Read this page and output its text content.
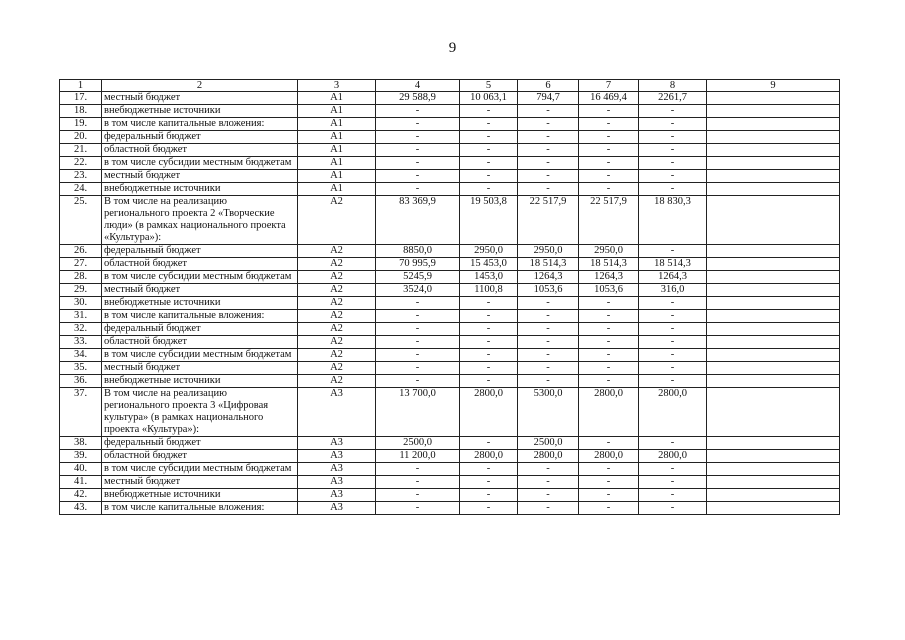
9
1	2	3	4	5	6	7	8	9
17.	местный бюджет	А1	29 588,9	10 063,1	794,7	16 469,4	2261,7	
18.	внебюджетные источники	А1	-	-	-	-	-	
19.	в том числе капитальные вложения:	А1	-	-	-	-	-	
20.	федеральный бюджет	А1	-	-	-	-	-	
21.	областной бюджет	А1	-	-	-	-	-	
22.	в том числе субсидии местным бюджетам	А1	-	-	-	-	-	
23.	местный бюджет	А1	-	-	-	-	-	
24.	внебюджетные источники	А1	-	-	-	-	-	
25.	В том числе на реализацию регионального проекта 2 «Творческие люди» (в рамках национального проекта «Культура»):	А2	83 369,9	19 503,8	22 517,9	22 517,9	18 830,3	
26.	федеральный бюджет	А2	8850,0	2950,0	2950,0	2950,0	-	
27.	областной бюджет	А2	70 995,9	15 453,0	18 514,3	18 514,3	18 514,3	
28.	в том числе субсидии местным бюджетам	А2	5245,9	1453,0	1264,3	1264,3	1264,3	
29.	местный бюджет	А2	3524,0	1100,8	1053,6	1053,6	316,0	
30.	внебюджетные источники	А2	-	-	-	-	-	
31.	в том числе капитальные вложения:	А2	-	-	-	-	-	
32.	федеральный бюджет	А2	-	-	-	-	-	
33.	областной бюджет	А2	-	-	-	-	-	
34.	в том числе субсидии местным бюджетам	А2	-	-	-	-	-	
35.	местный бюджет	А2	-	-	-	-	-	
36.	внебюджетные источники	А2	-	-	-	-	-	
37.	В том числе на реализацию регионального проекта 3 «Цифровая культура» (в рамках национального проекта «Культура»):	А3	13 700,0	2800,0	5300,0	2800,0	2800,0	
38.	федеральный бюджет	А3	2500,0	-	2500,0	-	-	
39.	областной бюджет	А3	11 200,0	2800,0	2800,0	2800,0	2800,0	
40.	в том числе субсидии местным бюджетам	А3	-	-	-	-	-	
41.	местный бюджет	А3	-	-	-	-	-	
42.	внебюджетные источники	А3	-	-	-	-	-	
43.	в том числе капитальные вложения:	А3	-	-	-	-	-	
